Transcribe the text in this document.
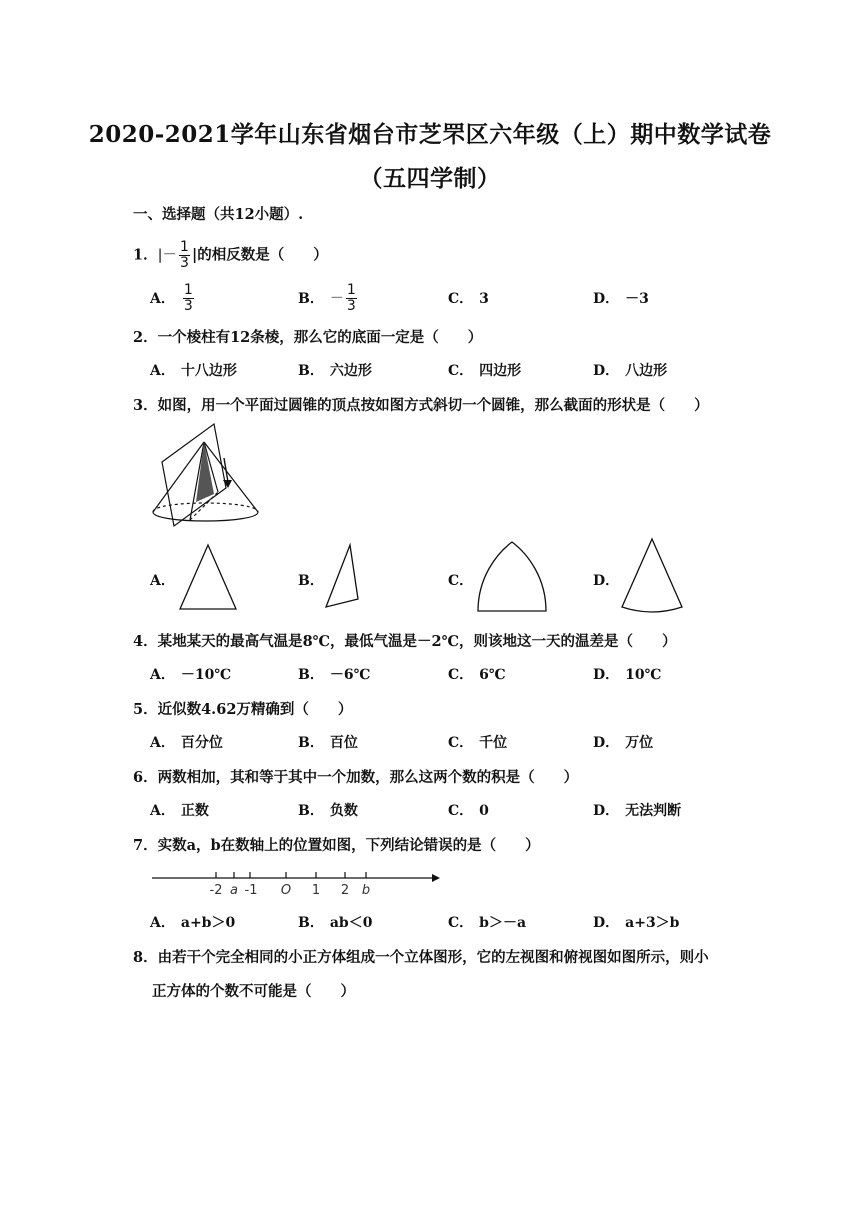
2020-2021学年山东省烟台市芝罘区六年级（上）期中数学试卷
（五四学制）
一、选择题（共12小题）.
1．|－ $\frac{1}{3}$ |的相反数是（　　）
A． $\frac{1}{3}$	B． － $\frac{1}{3}$	C． 3	D． －3
2．一个棱柱有12条棱，那么它的底面一定是（　　）
A． 十八边形	B． 六边形	C． 四边形	D． 八边形
3．如图，用一个平面过圆锥的顶点按如图方式斜切一个圆锥，那么截面的形状是（　　）
A．	B．	C．	D．
4．某地某天的最高气温是8℃，最低气温是－2℃，则该地这一天的温差是（　　）
A． －10℃	B． －6℃	C． 6℃	D． 10℃
5．近似数4.62万精确到（　　）
A． 百分位	B． 百位	C． 千位	D． 万位
6．两数相加，其和等于其中一个加数，那么这两个数的积是（　　）
A． 正数	B． 负数	C． 0	D． 无法判断
7．实数a，b在数轴上的位置如图，下列结论错误的是（　　）
-2 a -1 O 1 2 b
A． a+b＞0	B． ab＜0	C． b＞－a	D． a+3＞b
8．由若干个完全相同的小正方体组成一个立体图形，它的左视图和俯视图如图所示，则小
正方体的个数不可能是（　　）
